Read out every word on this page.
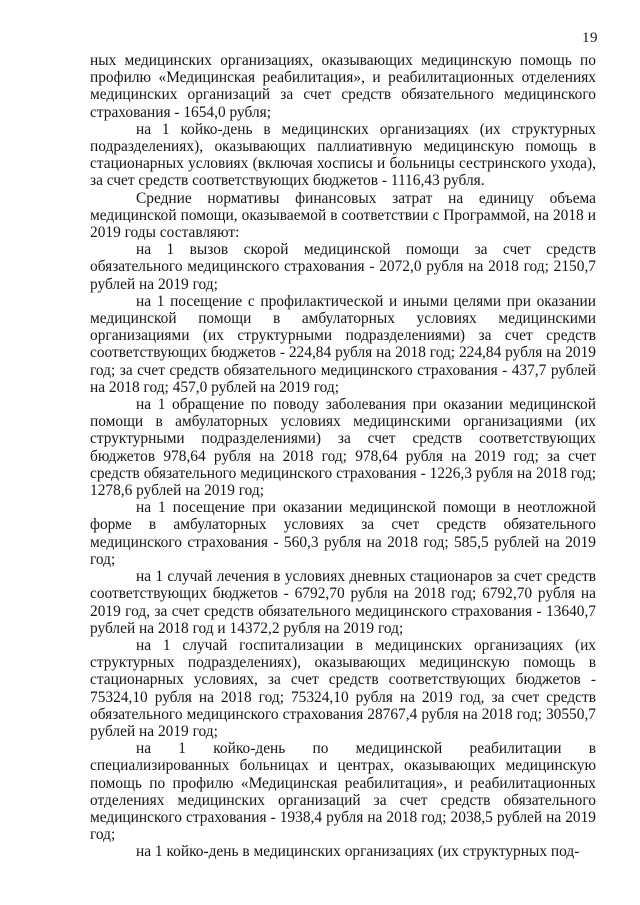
19

ных медицинских организациях, оказывающих медицинскую помощь по профилю «Медицинская реабилитация», и реабилитационных отделениях медицинских организаций за счет средств обязательного медицинского страхования - 1654,0 рубля;

на 1 койко-день в медицинских организациях (их структурных подразделениях), оказывающих паллиативную медицинскую помощь в стационарных условиях (включая хосписы и больницы сестринского ухода), за счет средств соответствующих бюджетов - 1116,43 рубля.

Средние нормативы финансовых затрат на единицу объема медицинской помощи, оказываемой в соответствии с Программой, на 2018 и 2019 годы составляют:

на 1 вызов скорой медицинской помощи за счет средств обязательного медицинского страхования - 2072,0 рубля на 2018 год; 2150,7 рублей на 2019 год;

на 1 посещение с профилактической и иными целями при оказании медицинской помощи в амбулаторных условиях медицинскими организациями (их структурными подразделениями) за счет средств соответствующих бюджетов - 224,84 рубля на 2018 год; 224,84 рубля на 2019 год; за счет средств обязательного медицинского страхования - 437,7 рублей на 2018 год; 457,0 рублей на 2019 год;

на 1 обращение по поводу заболевания при оказании медицинской помощи в амбулаторных условиях медицинскими организациями (их структурными подразделениями) за счет средств соответствующих бюджетов 978,64 рубля на 2018 год; 978,64 рубля на 2019 год; за счет средств обязательного медицинского страхования - 1226,3 рубля на 2018 год; 1278,6 рублей на 2019 год;

на 1 посещение при оказании медицинской помощи в неотложной форме в амбулаторных условиях за счет средств обязательного медицинского страхования - 560,3 рубля на 2018 год; 585,5 рублей на 2019 год;

на 1 случай лечения в условиях дневных стационаров за счет средств соответствующих бюджетов - 6792,70 рубля на 2018 год; 6792,70 рубля на 2019 год, за счет средств обязательного медицинского страхования - 13640,7 рублей на 2018 год и 14372,2 рубля на 2019 год;

на 1 случай госпитализации в медицинских организациях (их структурных подразделениях), оказывающих медицинскую помощь в стационарных условиях, за счет средств соответствующих бюджетов - 75324,10 рубля на 2018 год; 75324,10 рубля на 2019 год, за счет средств обязательного медицинского страхования 28767,4 рубля на 2018 год; 30550,7 рублей на 2019 год;

на 1 койко-день по медицинской реабилитации в специализированных больницах и центрах, оказывающих медицинскую помощь по профилю «Медицинская реабилитация», и реабилитационных отделениях медицинских организаций за счет средств обязательного медицинского страхования - 1938,4 рубля на 2018 год; 2038,5 рублей на 2019 год;

на 1 койко-день в медицинских организациях (их структурных под-
